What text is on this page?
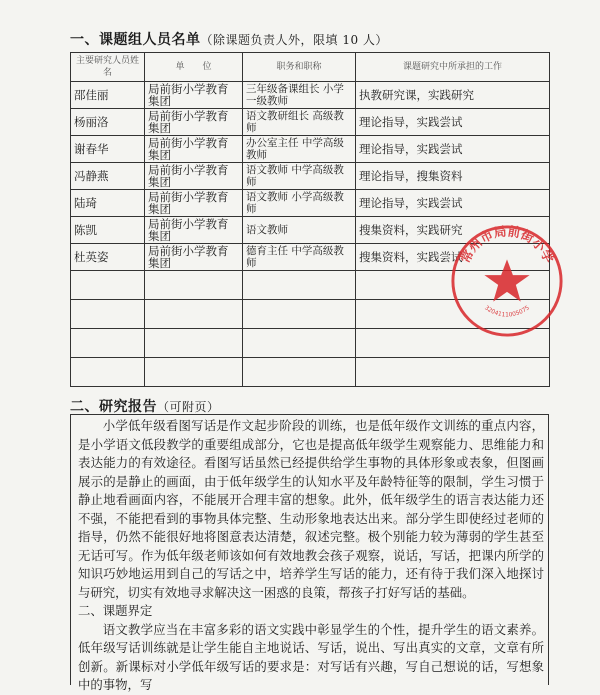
一、课题组人员名单（除课题负责人外，限填 10 人）
主要研究人员姓名	单　　位	职务和职称	课题研究中所承担的工作
邵佳丽	局前街小学教育集团	三年级备课组长 小学一级教师	执教研究课，实践研究
杨丽洛	局前街小学教育集团	语文教研组长 高级教师	理论指导，实践尝试
谢春华	局前街小学教育集团	办公室主任 中学高级教师	理论指导，实践尝试
冯静燕	局前街小学教育集团	语文教师 中学高级教师	理论指导，搜集资料
陆琦	局前街小学教育集团	语文教师 小学高级教师	理论指导，实践尝试
陈凯	局前街小学教育集团	语文教师	搜集资料，实践研究
杜英姿	局前街小学教育集团	德育主任 中学高级教师	搜集资料，实践尝试

二、研究报告（可附页）

小学低年级看图写话是作文起步阶段的训练，也是低年级作文训练的重点内容，是小学语文低段教学的重要组成部分，它也是提高低年级学生观察能力、思维能力和表达能力的有效途径。看图写话虽然已经提供给学生事物的具体形象或表象，但图画展示的是静止的画面，由于低年级学生的认知水平及年龄特征等的限制，学生习惯于静止地看画面内容，不能展开合理丰富的想象。此外，低年级学生的语言表达能力还不强，不能把看到的事物具体完整、生动形象地表达出来。部分学生即使经过老师的指导，仍然不能很好地将图意表达清楚，叙述完整。极个别能力较为薄弱的学生甚至无话可写。作为低年级老师该如何有效地教会孩子观察，说话，写话，把课内所学的知识巧妙地运用到自己的写话之中，培养学生写话的能力，还有待于我们深入地探讨与研究，切实有效地寻求解决这一困惑的良策，帮孩子打好写话的基础。

二、课题界定

语文教学应当在丰富多彩的语文实践中彰显学生的个性，提升学生的语文素养。低年级写话训练就是让学生能自主地说话、写话，说出、写出真实的文章，文章有所创新。新课标对小学低年级写话的要求是：对写话有兴趣，写自己想说的话，写想象中的事物，写

常州市局前街小学
3204111005075
